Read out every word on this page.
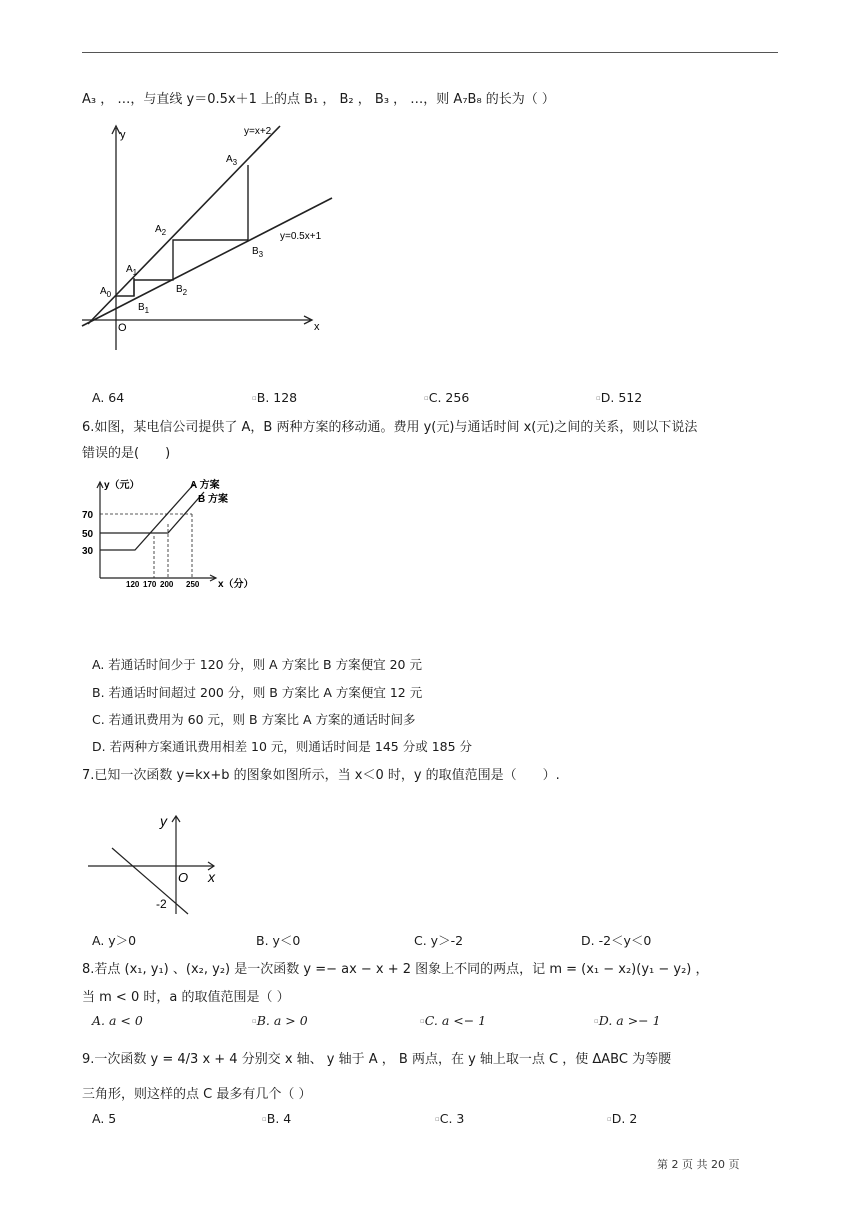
A₃ ， …，与直线 y＝0.5x＋1 上的点 B₁ ， B₂ ， B₃ ， …，则 A₇B₈ 的长为（ ）
y
x
O
y=x+2
y=0.5x+1
$A_0$
$A_1$
$A_2$
$A_3$
$B_1$
$B_2$
$B_3$
A. 64	▫B. 128	▫C. 256	▫D. 512
6.如图，某电信公司提供了 A，B 两种方案的移动通。费用 y(元)与通话时间 x(元)之间的关系，则以下说法
错误的是(　　)
y（元）	A 方案
B 方案
70
50
30
120 170 200 250 x（分）
A. 若通话时间少于 120 分，则 A 方案比 B 方案便宜 20 元
B. 若通话时间超过 200 分，则 B 方案比 A 方案便宜 12 元
C. 若通讯费用为 60 元，则 B 方案比 A 方案的通话时间多
D. 若两种方案通讯费用相差 10 元，则通话时间是 145 分或 185 分
7.已知一次函数 y=kx+b 的图象如图所示，当 x＜0 时，y 的取值范围是（　　）.
y
x
O
-2
A. y＞0	B. y＜0	C. y＞-2	D. -2＜y＜0
8.若点 (x₁, y₁) 、(x₂, y₂) 是一次函数 y =− ax − x + 2 图象上不同的两点，记 m = (x₁ − x₂)(y₁ − y₂) ，
当 m < 0 时，a 的取值范围是（ ）
A. a < 0	▫B. a > 0	▫C. a <− 1	▫D. a >− 1
9.一次函数 y = 4/3 x + 4 分别交 x 轴、 y 轴于 A ， B 两点，在 y 轴上取一点 C ，使 ΔABC 为等腰
三角形，则这样的点 C 最多有几个（ ）
A. 5	▫B. 4	▫C. 3	▫D. 2
第 2 页 共 20 页
